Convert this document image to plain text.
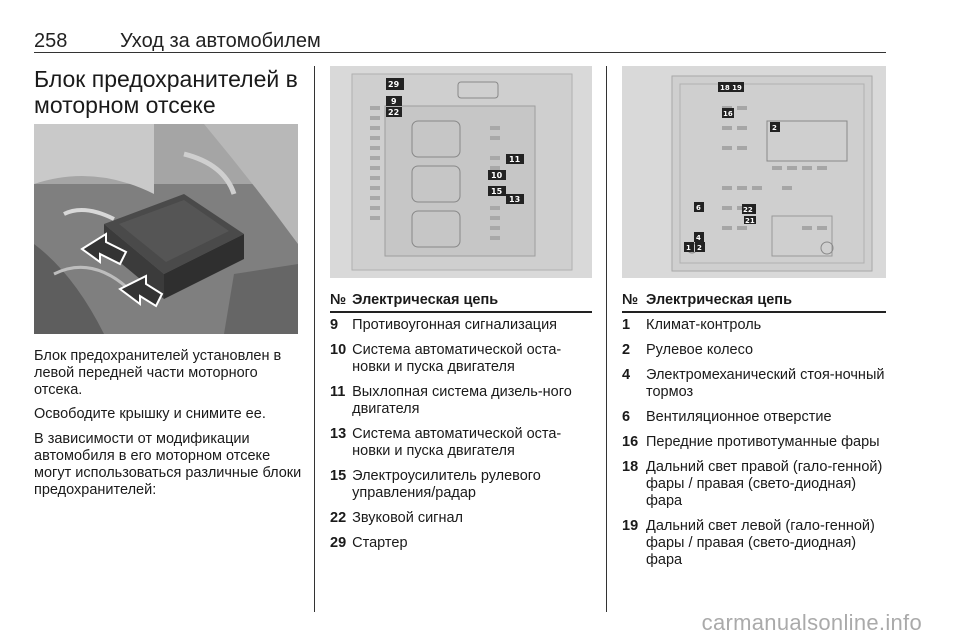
258	Уход за автомобилем
Блок предохранителей в
моторном отсеке

Блок предохранителей установлен в левой передней части моторного отсека.

Освободите крышку и снимите ее.

В зависимости от модификации автомобиля в его моторном отсеке могут использоваться различные блоки предохранителей:

29
9
22
11
10
15
13
№	Электрическая цепь
9	Противоугонная сигнализация
10	Система автоматической оста-новки и пуска двигателя
11	Выхлопная система дизель-ного двигателя
13	Система автоматической оста-новки и пуска двигателя
15	Электроусилитель рулевого управления/радар
22	Звуковой сигнал
29	Стартер
18 19
16
2
6	22
21
4
1 2
№	Электрическая цепь
1	Климат-контроль
2	Рулевое колесо
4	Электромеханический стоя-ночный тормоз
6	Вентиляционное отверстие
16	Передние противотуманные фары
18	Дальний свет правой (гало-генной) фары / правая (свето-диодная) фара
19	Дальний свет левой (гало-генной) фары / правая (свето-диодная) фара
carmanualsonline.info
